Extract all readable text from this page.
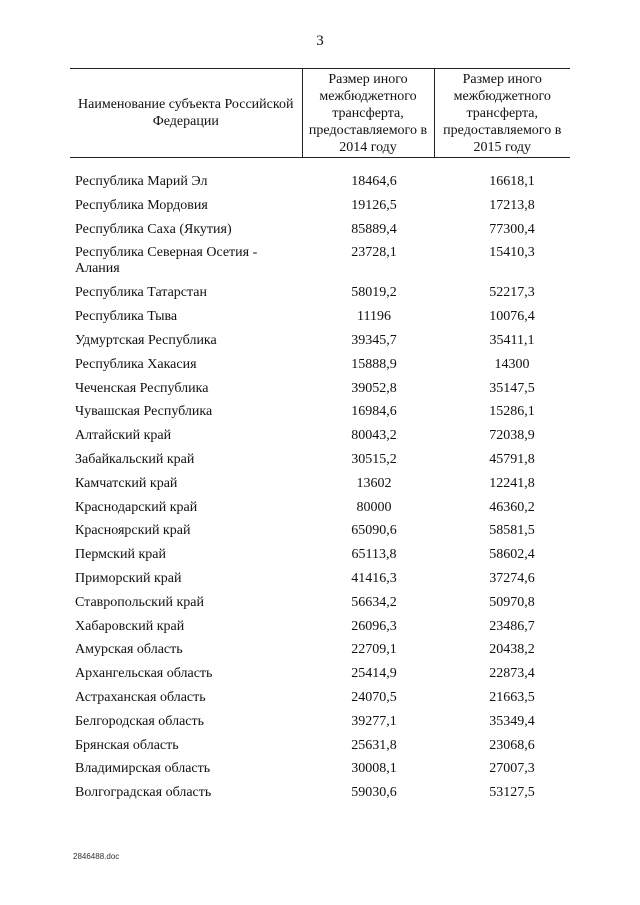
3
Наименование субъекта Российской Федерации	Размер иного межбюджетного трансферта, предоставляемого в 2014 году	Размер иного межбюджетного трансферта, предоставляемого в 2015 году
Республика Марий Эл	18464,6	16618,1
Республика Мордовия	19126,5	17213,8
Республика Саха (Якутия)	85889,4	77300,4
Республика Северная Осетия - Алания	23728,1	15410,3
Республика Татарстан	58019,2	52217,3
Республика Тыва	11196	10076,4
Удмуртская Республика	39345,7	35411,1
Республика Хакасия	15888,9	14300
Чеченская Республика	39052,8	35147,5
Чувашская Республика	16984,6	15286,1
Алтайский край	80043,2	72038,9
Забайкальский край	30515,2	45791,8
Камчатский край	13602	12241,8
Краснодарский край	80000	46360,2
Красноярский край	65090,6	58581,5
Пермский край	65113,8	58602,4
Приморский край	41416,3	37274,6
Ставропольский край	56634,2	50970,8
Хабаровский край	26096,3	23486,7
Амурская область	22709,1	20438,2
Архангельская область	25414,9	22873,4
Астраханская область	24070,5	21663,5
Белгородская область	39277,1	35349,4
Брянская область	25631,8	23068,6
Владимирская область	30008,1	27007,3
Волгоградская область	59030,6	53127,5
2846488.doc
